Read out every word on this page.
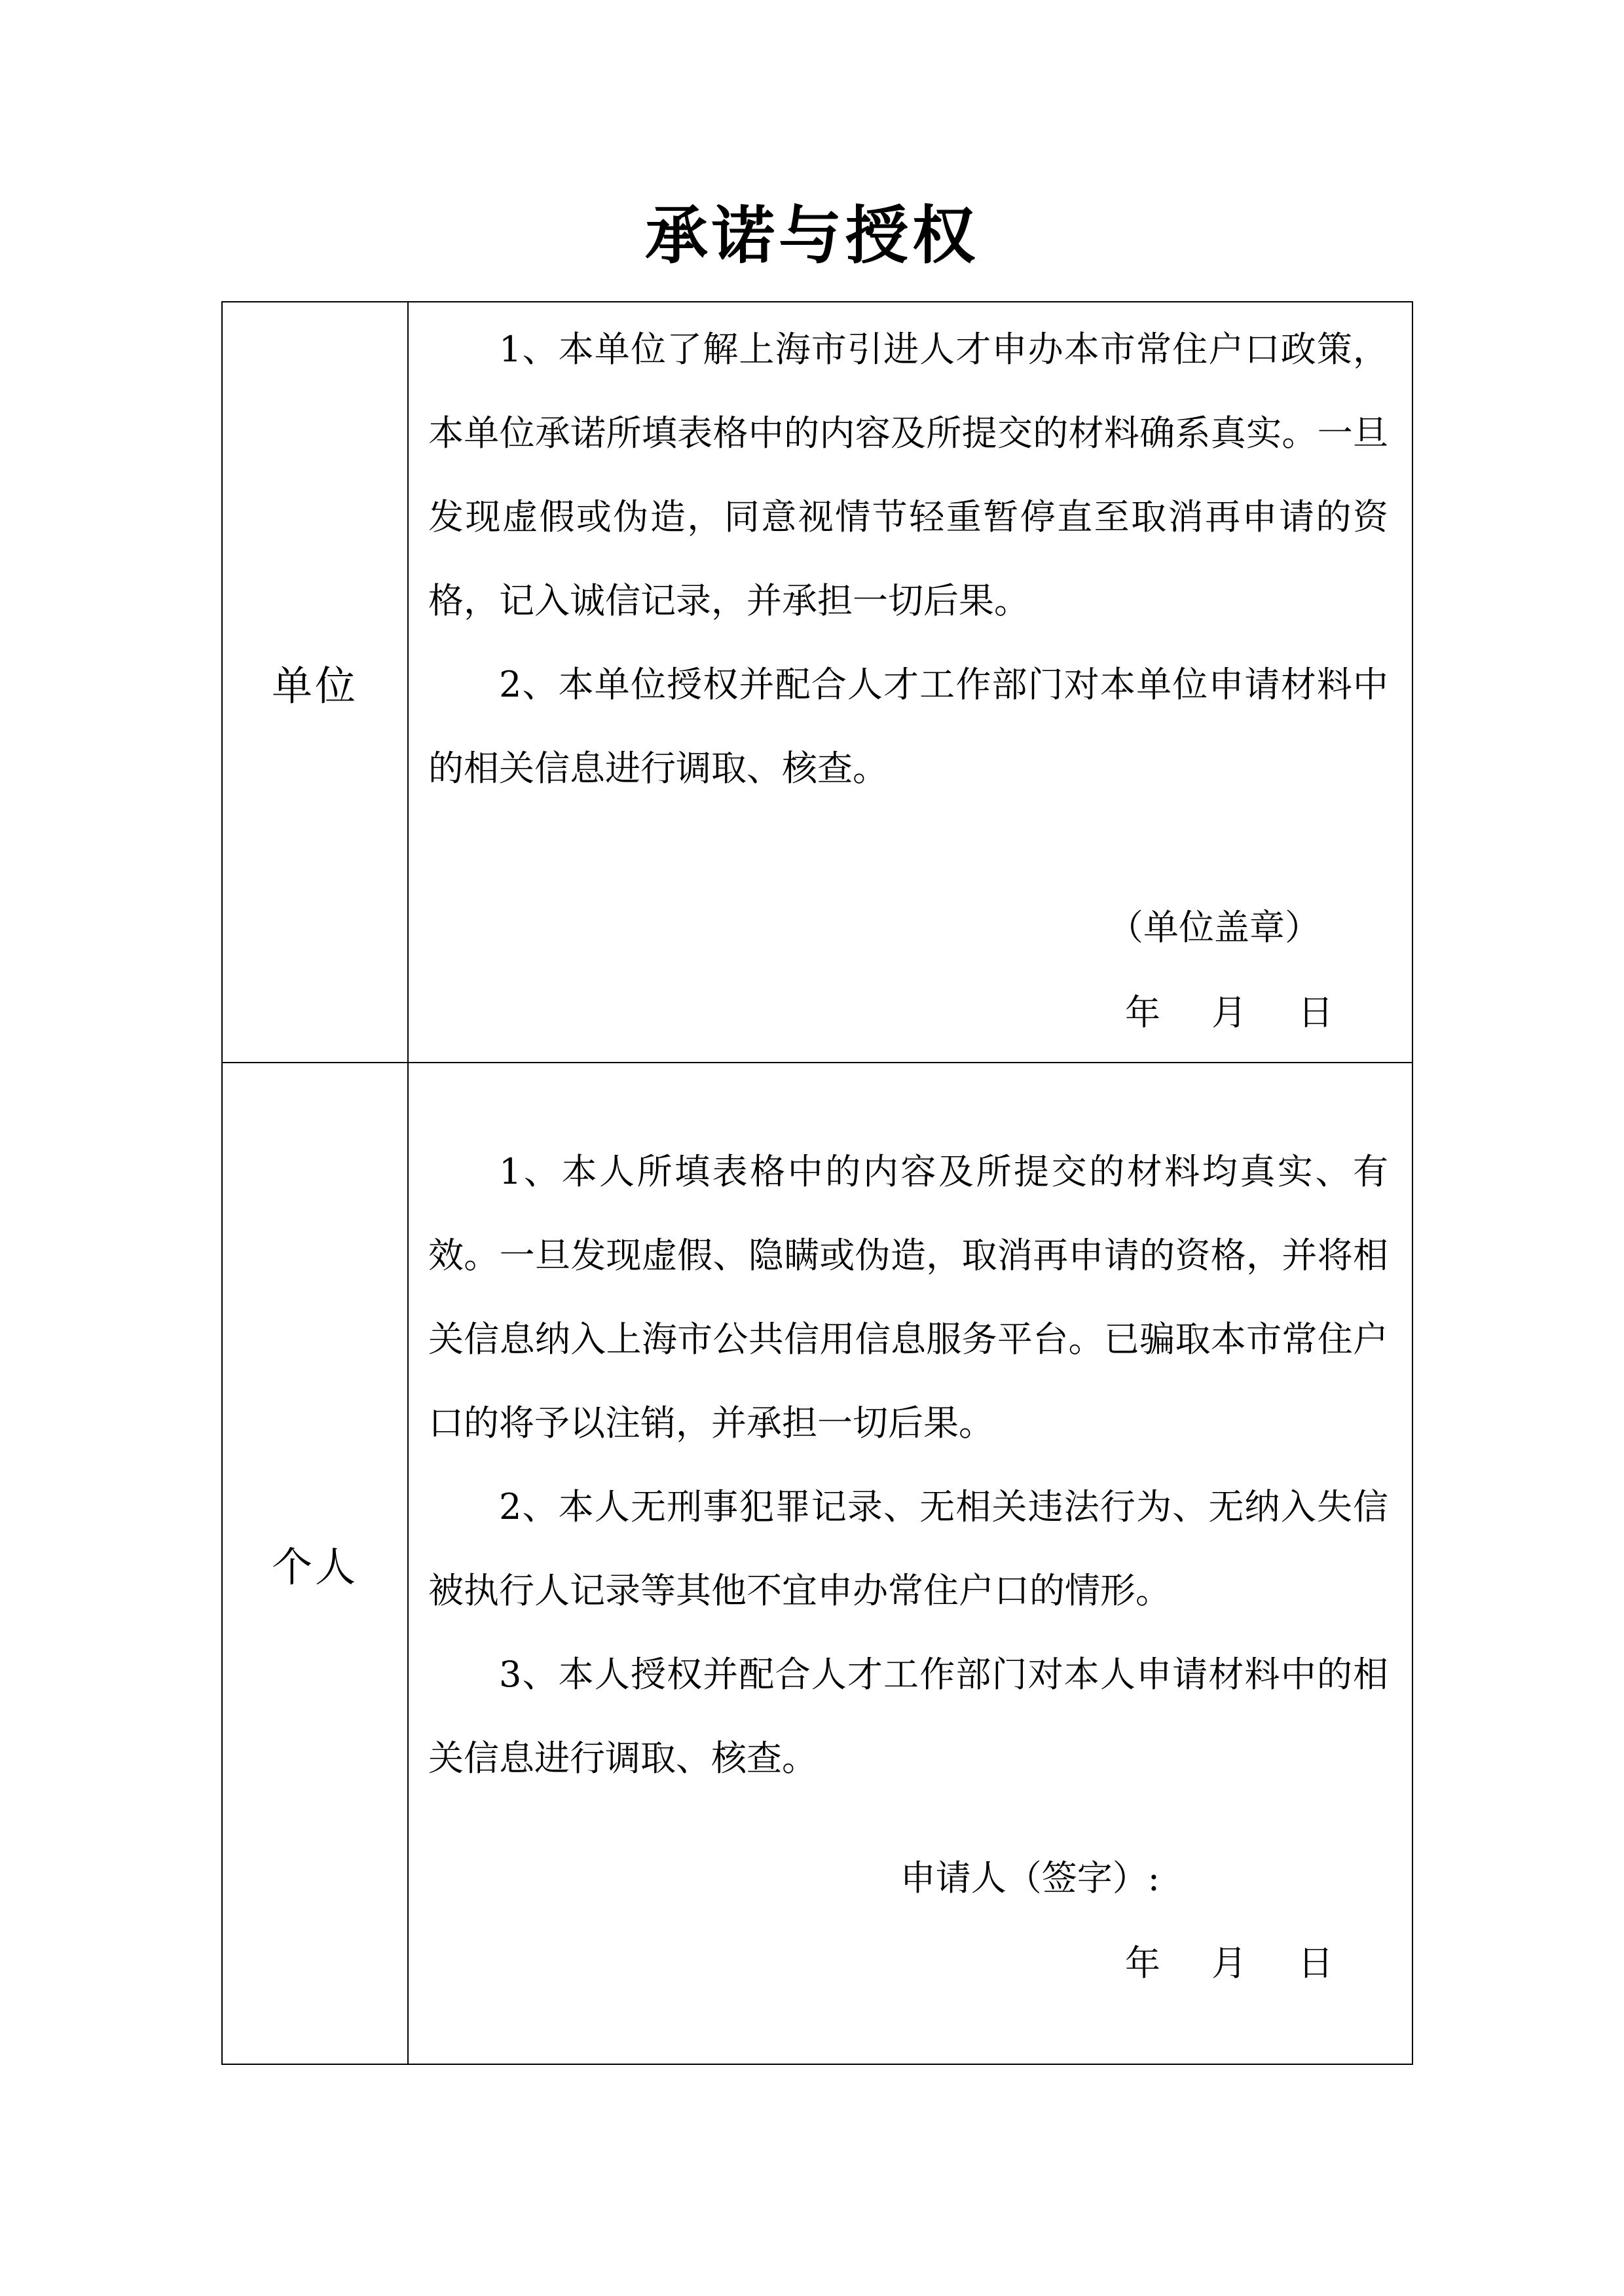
承诺与授权
单位	1、本单位了解上海市引进人才申办本市常住户口政策，本单位承诺所填表格中的内容及所提交的材料确系真实。一旦发现虚假或伪造，同意视情节轻重暂停直至取消再申请的资格，记入诚信记录，并承担一切后果。

2、本单位授权并配合人才工作部门对本单位申请材料中的相关信息进行调取、核查。

（单位盖章）
年 月 日

个人	1、本人所填表格中的内容及所提交的材料均真实、有效。一旦发现虚假、隐瞒或伪造，取消再申请的资格，并将相关信息纳入上海市公共信用信息服务平台。已骗取本市常住户口的将予以注销，并承担一切后果。

2、本人无刑事犯罪记录、无相关违法行为、无纳入失信被执行人记录等其他不宜申办常住户口的情形。

3、本人授权并配合人才工作部门对本人申请材料中的相关信息进行调取、核查。

申请人（签字）:
年 月 日
